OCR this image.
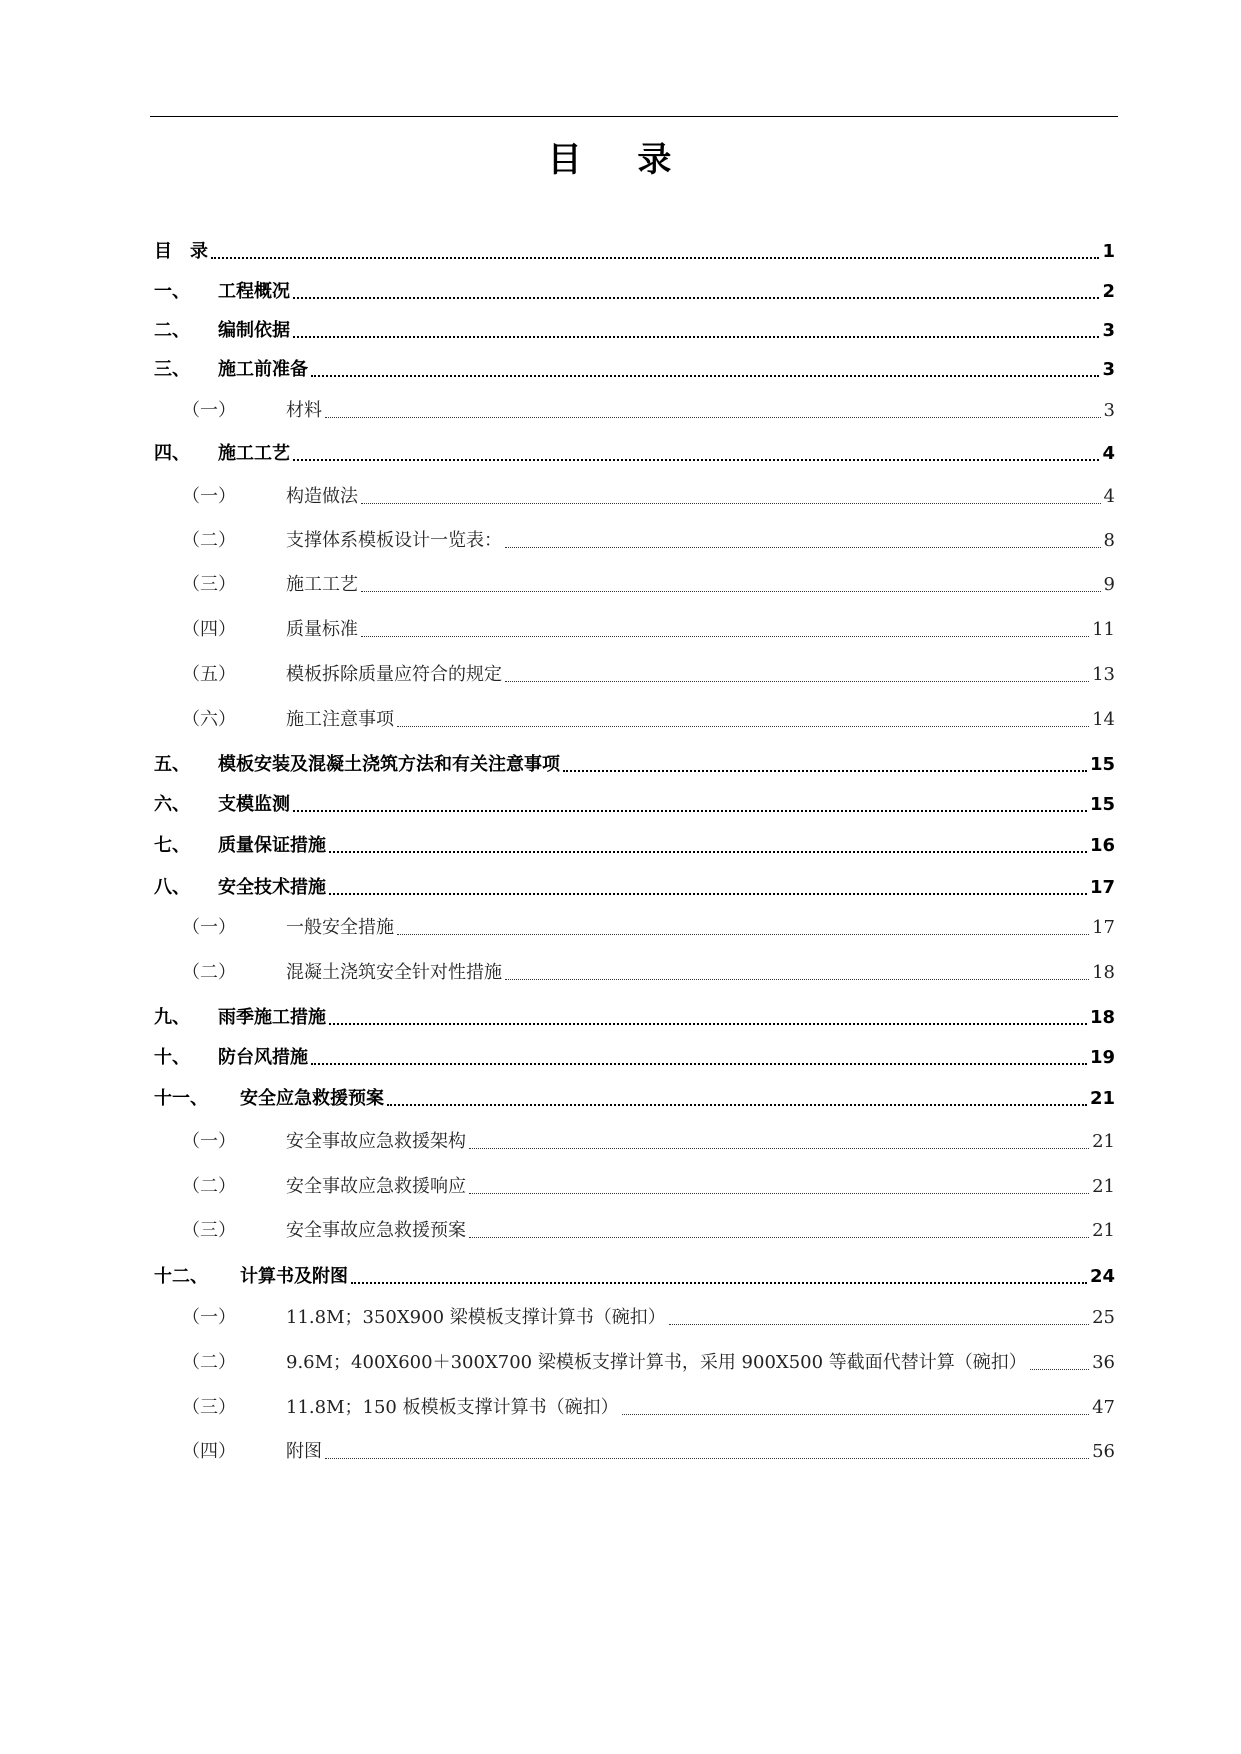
目 录
目　录	1
一、	工程概况	2
二、	编制依据	3
三、	施工前准备	3
（一）	材料	3
四、	施工工艺	4
（一）	构造做法	4
（二）	支撑体系模板设计一览表：	8
（三）	施工工艺	9
（四）	质量标准	11
（五）	模板拆除质量应符合的规定	13
（六）	施工注意事项	14
五、	模板安装及混凝土浇筑方法和有关注意事项	15
六、	支模监测	15
七、	质量保证措施	16
八、	安全技术措施	17
（一）	一般安全措施	17
（二）	混凝土浇筑安全针对性措施	18
九、	雨季施工措施	18
十、	防台风措施	19
十一、	安全应急救援预案	21
（一）	安全事故应急救援架构	21
（二）	安全事故应急救援响应	21
（三）	安全事故应急救援预案	21
十二、	计算书及附图	24
（一）	11.8M；350X900 梁模板支撑计算书（碗扣）	25
（二）	9.6M；400X600＋300X700 梁模板支撑计算书，采用 900X500 等截面代替计算（碗扣）	36
（三）	11.8M；150 板模板支撑计算书（碗扣）	47
（四）	附图	56
